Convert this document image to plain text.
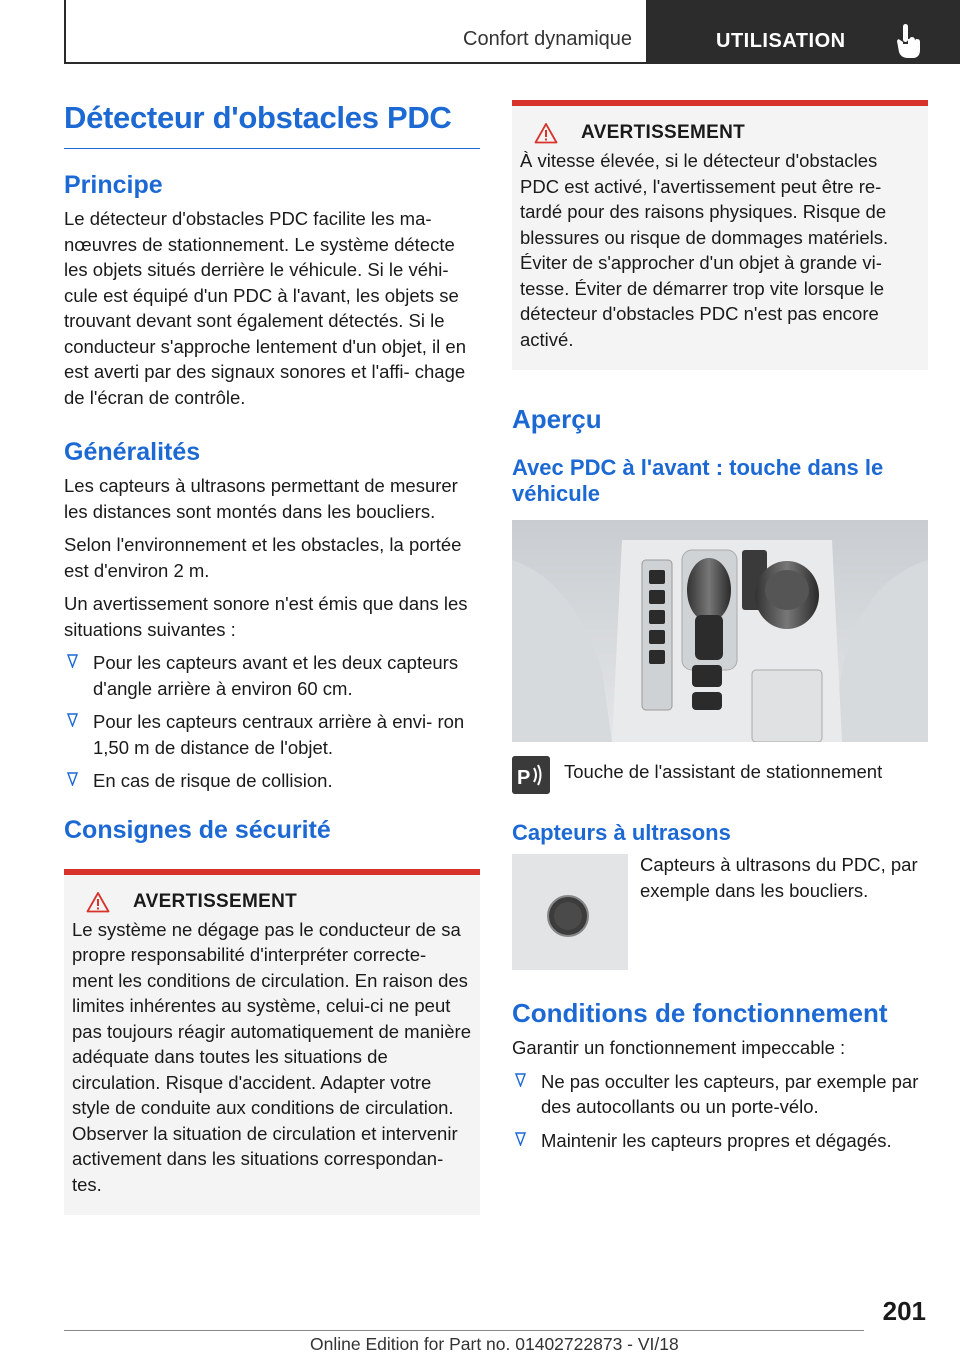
Confort dynamique	UTILISATION
Détecteur d'obstacles PDC
Principe

Le détecteur d'obstacles PDC facilite les ma‐ nœuvres de stationnement. Le système détecte les objets situés derrière le véhicule. Si le véhi‐ cule est équipé d'un PDC à l'avant, les objets se trouvant devant sont également détectés. Si le conducteur s'approche lentement d'un objet, il en est averti par des signaux sonores et l'affi‐ chage de l'écran de contrôle.

Généralités

Les capteurs à ultrasons permettant de mesurer les distances sont montés dans les boucliers.

Selon l'environnement et les obstacles, la portée est d'environ 2 m.

Un avertissement sonore n'est émis que dans les situations suivantes :

Pour les capteurs avant et les deux capteurs d'angle arrière à environ 60 cm.
Pour les capteurs centraux arrière à envi‐ ron 1,50 m de distance de l'objet.
En cas de risque de collision.
Consignes de sécurité
AVERTISSEMENT

Le système ne dégage pas le conducteur de sa propre responsabilité d'interpréter correcte‐ ment les conditions de circulation. En raison des limites inhérentes au système, celui-ci ne peut pas toujours réagir automatiquement de manière adéquate dans toutes les situations de circulation. Risque d'accident. Adapter votre style de conduite aux conditions de circulation. Observer la situation de circulation et intervenir activement dans les situations correspondan‐ tes.

AVERTISSEMENT

À vitesse élevée, si le détecteur d'obstacles PDC est activé, l'avertissement peut être re‐ tardé pour des raisons physiques. Risque de blessures ou risque de dommages matériels. Éviter de s'approcher d'un objet à grande vi‐ tesse. Éviter de démarrer trop vite lorsque le détecteur d'obstacles PDC n'est pas encore activé.

Aperçu
Avec PDC à l'avant : touche dans le véhicule
P Touche de l'assistant de stationnement

Capteurs à ultrasons

Capteurs à ultrasons du PDC, par exemple dans les boucliers.

Conditions de fonctionnement

Garantir un fonctionnement impeccable :

Ne pas occulter les capteurs, par exemple par des autocollants ou un porte-vélo.
Maintenir les capteurs propres et dégagés.
201
Online Edition for Part no. 01402722873 - VI/18
